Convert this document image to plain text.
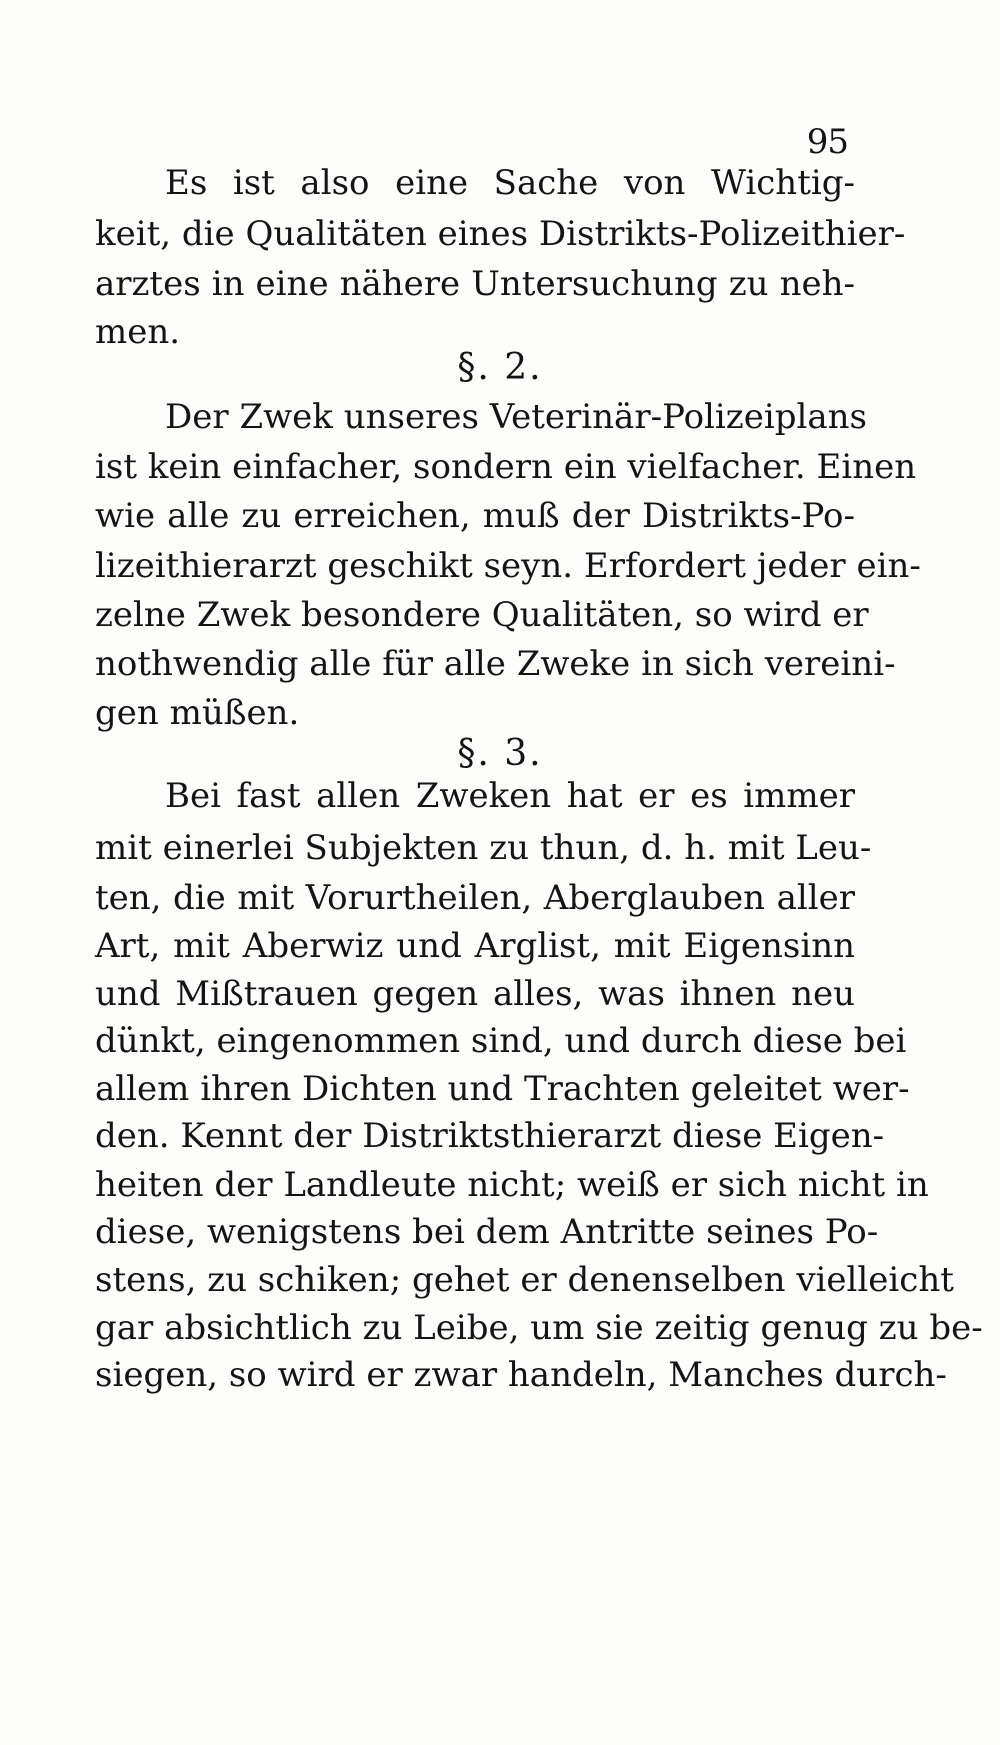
95
Es ist also eine Sache von Wichtig-
keit, die Qualitäten eines Distrikts-Polizeithier-
arztes in eine nähere Untersuchung zu neh-
men.
§. 2.
Der Zwek unseres Veterinär-Polizeiplans
ist kein einfacher, sondern ein vielfacher. Einen
wie alle zu erreichen, muß der Distrikts-Po-
lizeithierarzt geschikt seyn. Erfordert jeder ein-
zelne Zwek besondere Qualitäten, so wird er
nothwendig alle für alle Zweke in sich vereini-
gen müßen.
§. 3.
Bei fast allen Zweken hat er es immer
mit einerlei Subjekten zu thun, d. h. mit Leu-
ten, die mit Vorurtheilen, Aberglauben aller
Art, mit Aberwiz und Arglist, mit Eigensinn
und Mißtrauen gegen alles, was ihnen neu
dünkt, eingenommen sind, und durch diese bei
allem ihren Dichten und Trachten geleitet wer-
den. Kennt der Distriktsthierarzt diese Eigen-
heiten der Landleute nicht; weiß er sich nicht in
diese, wenigstens bei dem Antritte seines Po-
stens, zu schiken; gehet er denenselben vielleicht
gar absichtlich zu Leibe, um sie zeitig genug zu be-
siegen, so wird er zwar handeln, Manches durch-
